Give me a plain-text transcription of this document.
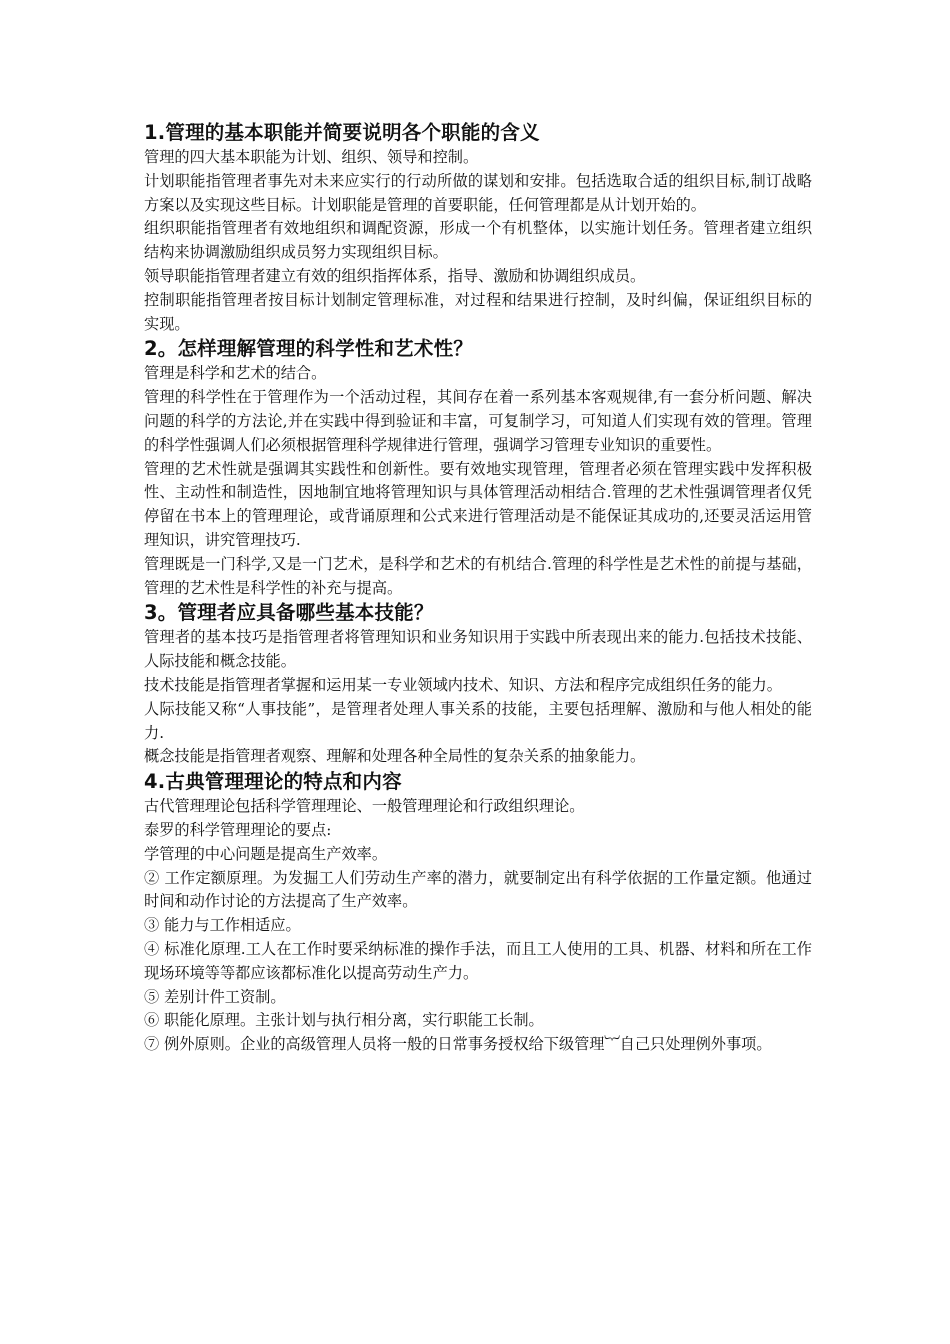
1.管理的基本职能并简要说明各个职能的含义

管理的四大基本职能为计划、组织、领导和控制。

计划职能指管理者事先对未来应实行的行动所做的谋划和安排。包括选取合适的组织目标,制订战略方案以及实现这些目标。计划职能是管理的首要职能，任何管理都是从计划开始的。

组织职能指管理者有效地组织和调配资源，形成一个有机整体，以实施计划任务。管理者建立组织结构来协调激励组织成员努力实现组织目标。

领导职能指管理者建立有效的组织指挥体系，指导、激励和协调组织成员。

控制职能指管理者按目标计划制定管理标准，对过程和结果进行控制，及时纠偏，保证组织目标的实现。

2。怎样理解管理的科学性和艺术性？

管理是科学和艺术的结合。

管理的科学性在于管理作为一个活动过程，其间存在着一系列基本客观规律,有一套分析问题、解决问题的科学的方法论,并在实践中得到验证和丰富，可复制学习，可知道人们实现有效的管理。管理的科学性强调人们必须根据管理科学规律进行管理，强调学习管理专业知识的重要性。

管理的艺术性就是强调其实践性和创新性。要有效地实现管理，管理者必须在管理实践中发挥积极性、主动性和制造性，因地制宜地将管理知识与具体管理活动相结合.管理的艺术性强调管理者仅凭停留在书本上的管理理论，或背诵原理和公式来进行管理活动是不能保证其成功的,还要灵活运用管理知识，讲究管理技巧.

管理既是一门科学,又是一门艺术，是科学和艺术的有机结合.管理的科学性是艺术性的前提与基础，管理的艺术性是科学性的补充与提高。

3。管理者应具备哪些基本技能？

管理者的基本技巧是指管理者将管理知识和业务知识用于实践中所表现出来的能力.包括技术技能、人际技能和概念技能。

技术技能是指管理者掌握和运用某一专业领域内技术、知识、方法和程序完成组织任务的能力。

人际技能又称“人事技能”，是管理者处理人事关系的技能，主要包括理解、激励和与他人相处的能力.

概念技能是指管理者观察、理解和处理各种全局性的复杂关系的抽象能力。

4.古典管理理论的特点和内容

古代管理理论包括科学管理理论、一般管理理论和行政组织理论。

泰罗的科学管理理论的要点:

学管理的中心问题是提高生产效率。

② 工作定额原理。为发掘工人们劳动生产率的潜力，就要制定出有科学依据的工作量定额。他通过时间和动作讨论的方法提高了生产效率。

③ 能力与工作相适应。

④ 标准化原理.工人在工作时要采纳标准的操作手法，而且工人使用的工具、机器、材料和所在工作现场环境等等都应该都标准化以提高劳动生产力。

⑤ 差别计件工资制。

⑥ 职能化原理。主张计划与执行相分离，实行职能工长制。

⑦ 例外原则。企业的高级管理人员将一般的日常事务授权给下级管理︸自己只处理例外事项。
